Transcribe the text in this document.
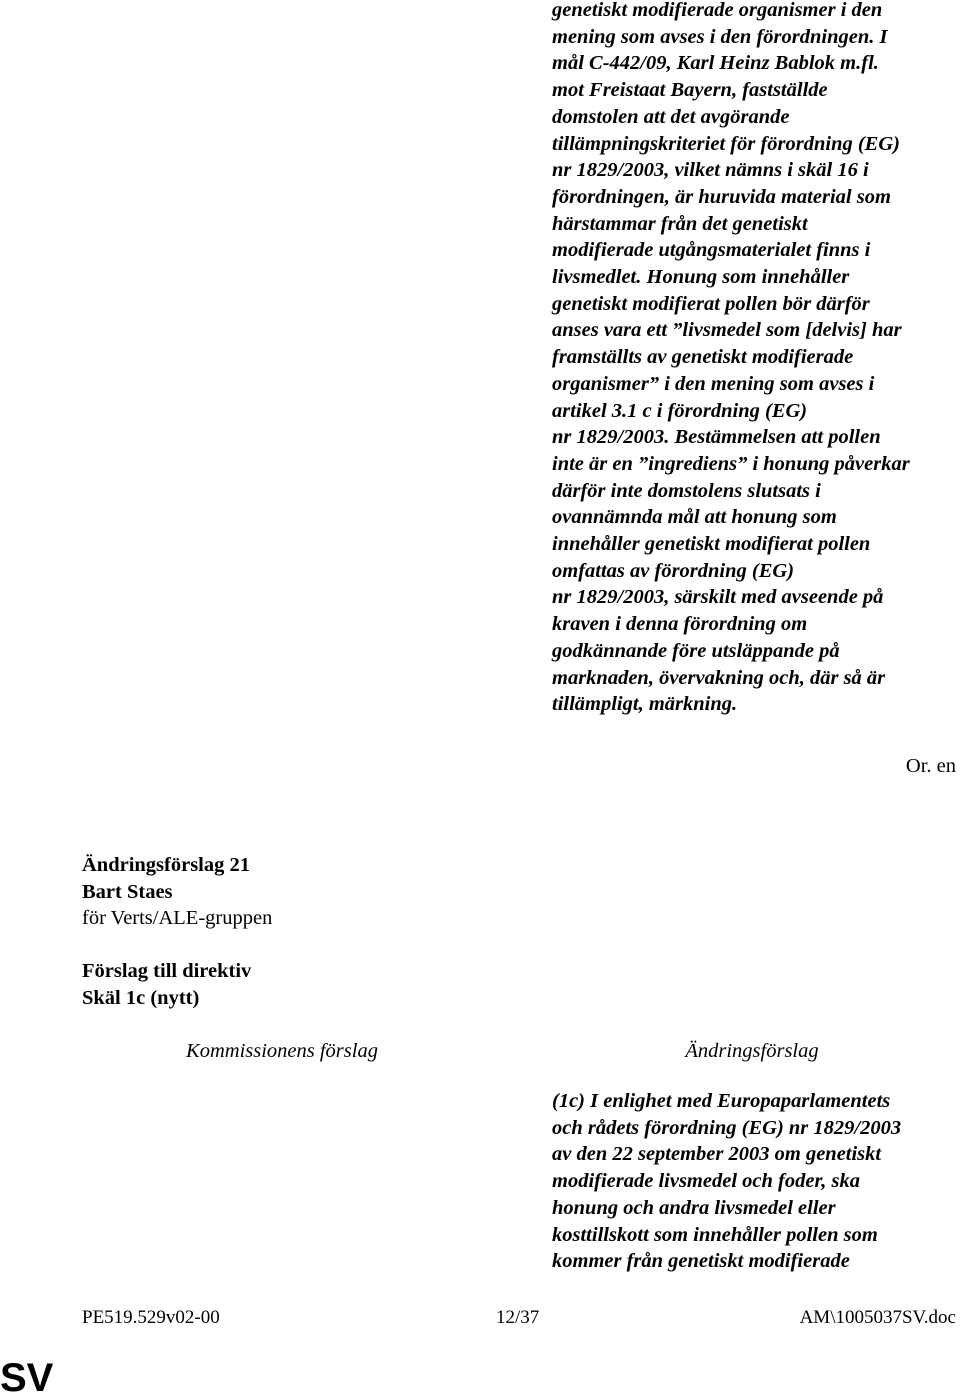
genetiskt modifierade organismer i den
mening som avses i den förordningen. I
mål C-442/09, Karl Heinz Bablok m.fl.
mot Freistaat Bayern, fastställde
domstolen att det avgörande
tillämpningskriteriet för förordning (EG)
nr 1829/2003, vilket nämns i skäl 16 i
förordningen, är huruvida material som
härstammar från det genetiskt
modifierade utgångsmaterialet finns i
livsmedlet. Honung som innehåller
genetiskt modifierat pollen bör därför
anses vara ett ”livsmedel som [delvis] har
framställts av genetiskt modifierade
organismer” i den mening som avses i
artikel 3.1 c i förordning (EG)
nr 1829/2003. Bestämmelsen att pollen
inte är en ”ingrediens” i honung påverkar
därför inte domstolens slutsats i
ovannämnda mål att honung som
innehåller genetiskt modifierat pollen
omfattas av förordning (EG)
nr 1829/2003, särskilt med avseende på
kraven i denna förordning om
godkännande före utsläppande på
marknaden, övervakning och, där så är
tillämpligt, märkning.
Or. en
Ändringsförslag 21
Bart Staes
för Verts/ALE-gruppen
Förslag till direktiv
Skäl 1c (nytt)
Kommissionens förslag	Ändringsförslag
(1c) I enlighet med Europaparlamentets
och rådets förordning (EG) nr 1829/2003
av den 22 september 2003 om genetiskt
modifierade livsmedel och foder, ska
honung och andra livsmedel eller
kosttillskott som innehåller pollen som
kommer från genetiskt modifierade
PE519.529v02-00	12/37	AM\1005037SV.doc
SV
